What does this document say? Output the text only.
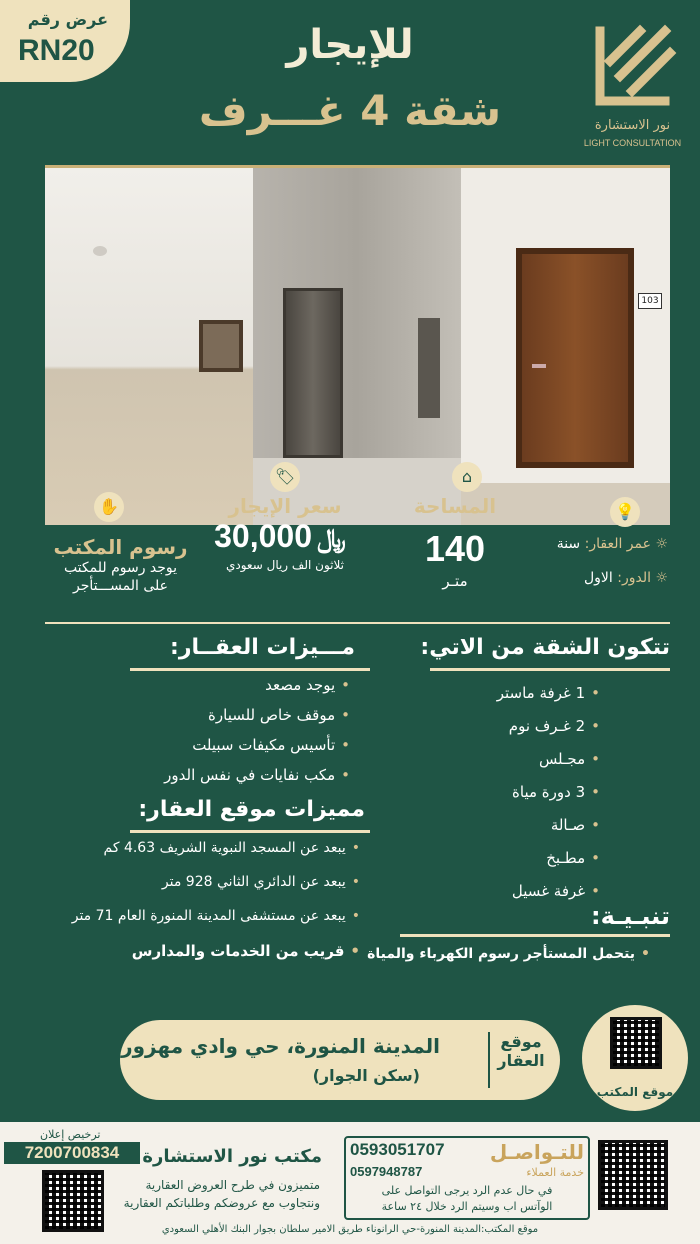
عرض رقم
RN20	للإيجار
شقة 4 غـــرف	نور الاستشارة
LIGHT CONSULTATION
103
✋
🏷	⌂
💡
رسوم المكتب
يوجد رسوم للمكتب
على المســـتأجر
سعر الإيجار
﷼ 30,000
ثلاثون الف ريال سعودي
المساحة
140
متـر
☼ عمر العقار: سنة
☼ الدور: الاول
مـــيزات العقــار:
•يوجد مصعد
•موقف خاص للسيارة
•تأسيس مكيفات سبيلت
•مكب نفايات في نفس الدور
مميزات موقع العقار:
•يبعد عن المسجد النبوية الشريف 4.63 كم
•يبعد عن الدائري الثاني 928 متر
•يبعد عن مستشفى المدينة المنورة العام 71 متر
•قريب من الخدمات والمدارس
تتكون الشقة من الاتي:
•1 غرفة ماستر
•2 غـرف نوم
•مجـلس
•3 دورة مياة
•صـالة
•مطـبخ
•غرفة غسيل
تنبـيـة:
•يتحمل المستأجر رسوم الكهرباء والمياة
موقع العقار
المدينة المنورة، حي وادي مهزور
(سكن الجوار)
موقع المكتب
ترخيص إعلان
7200700834	مكتب نور الاستشارة
متميزون في طرح العروض العقارية
ونتجاوب مع عروضكم وطلباتكم العقارية
للتـواصـل
0593051707
خدمة العملاء
0597948787
في حال عدم الرد يرجى التواصل على
الوآتس اب وسيتم الرد خلال ٢٤ ساعة
موقع المكتب:المدينة المنورة-حي الرانوناء طريق الامير سلطان بجوار البنك الأهلي السعودي
